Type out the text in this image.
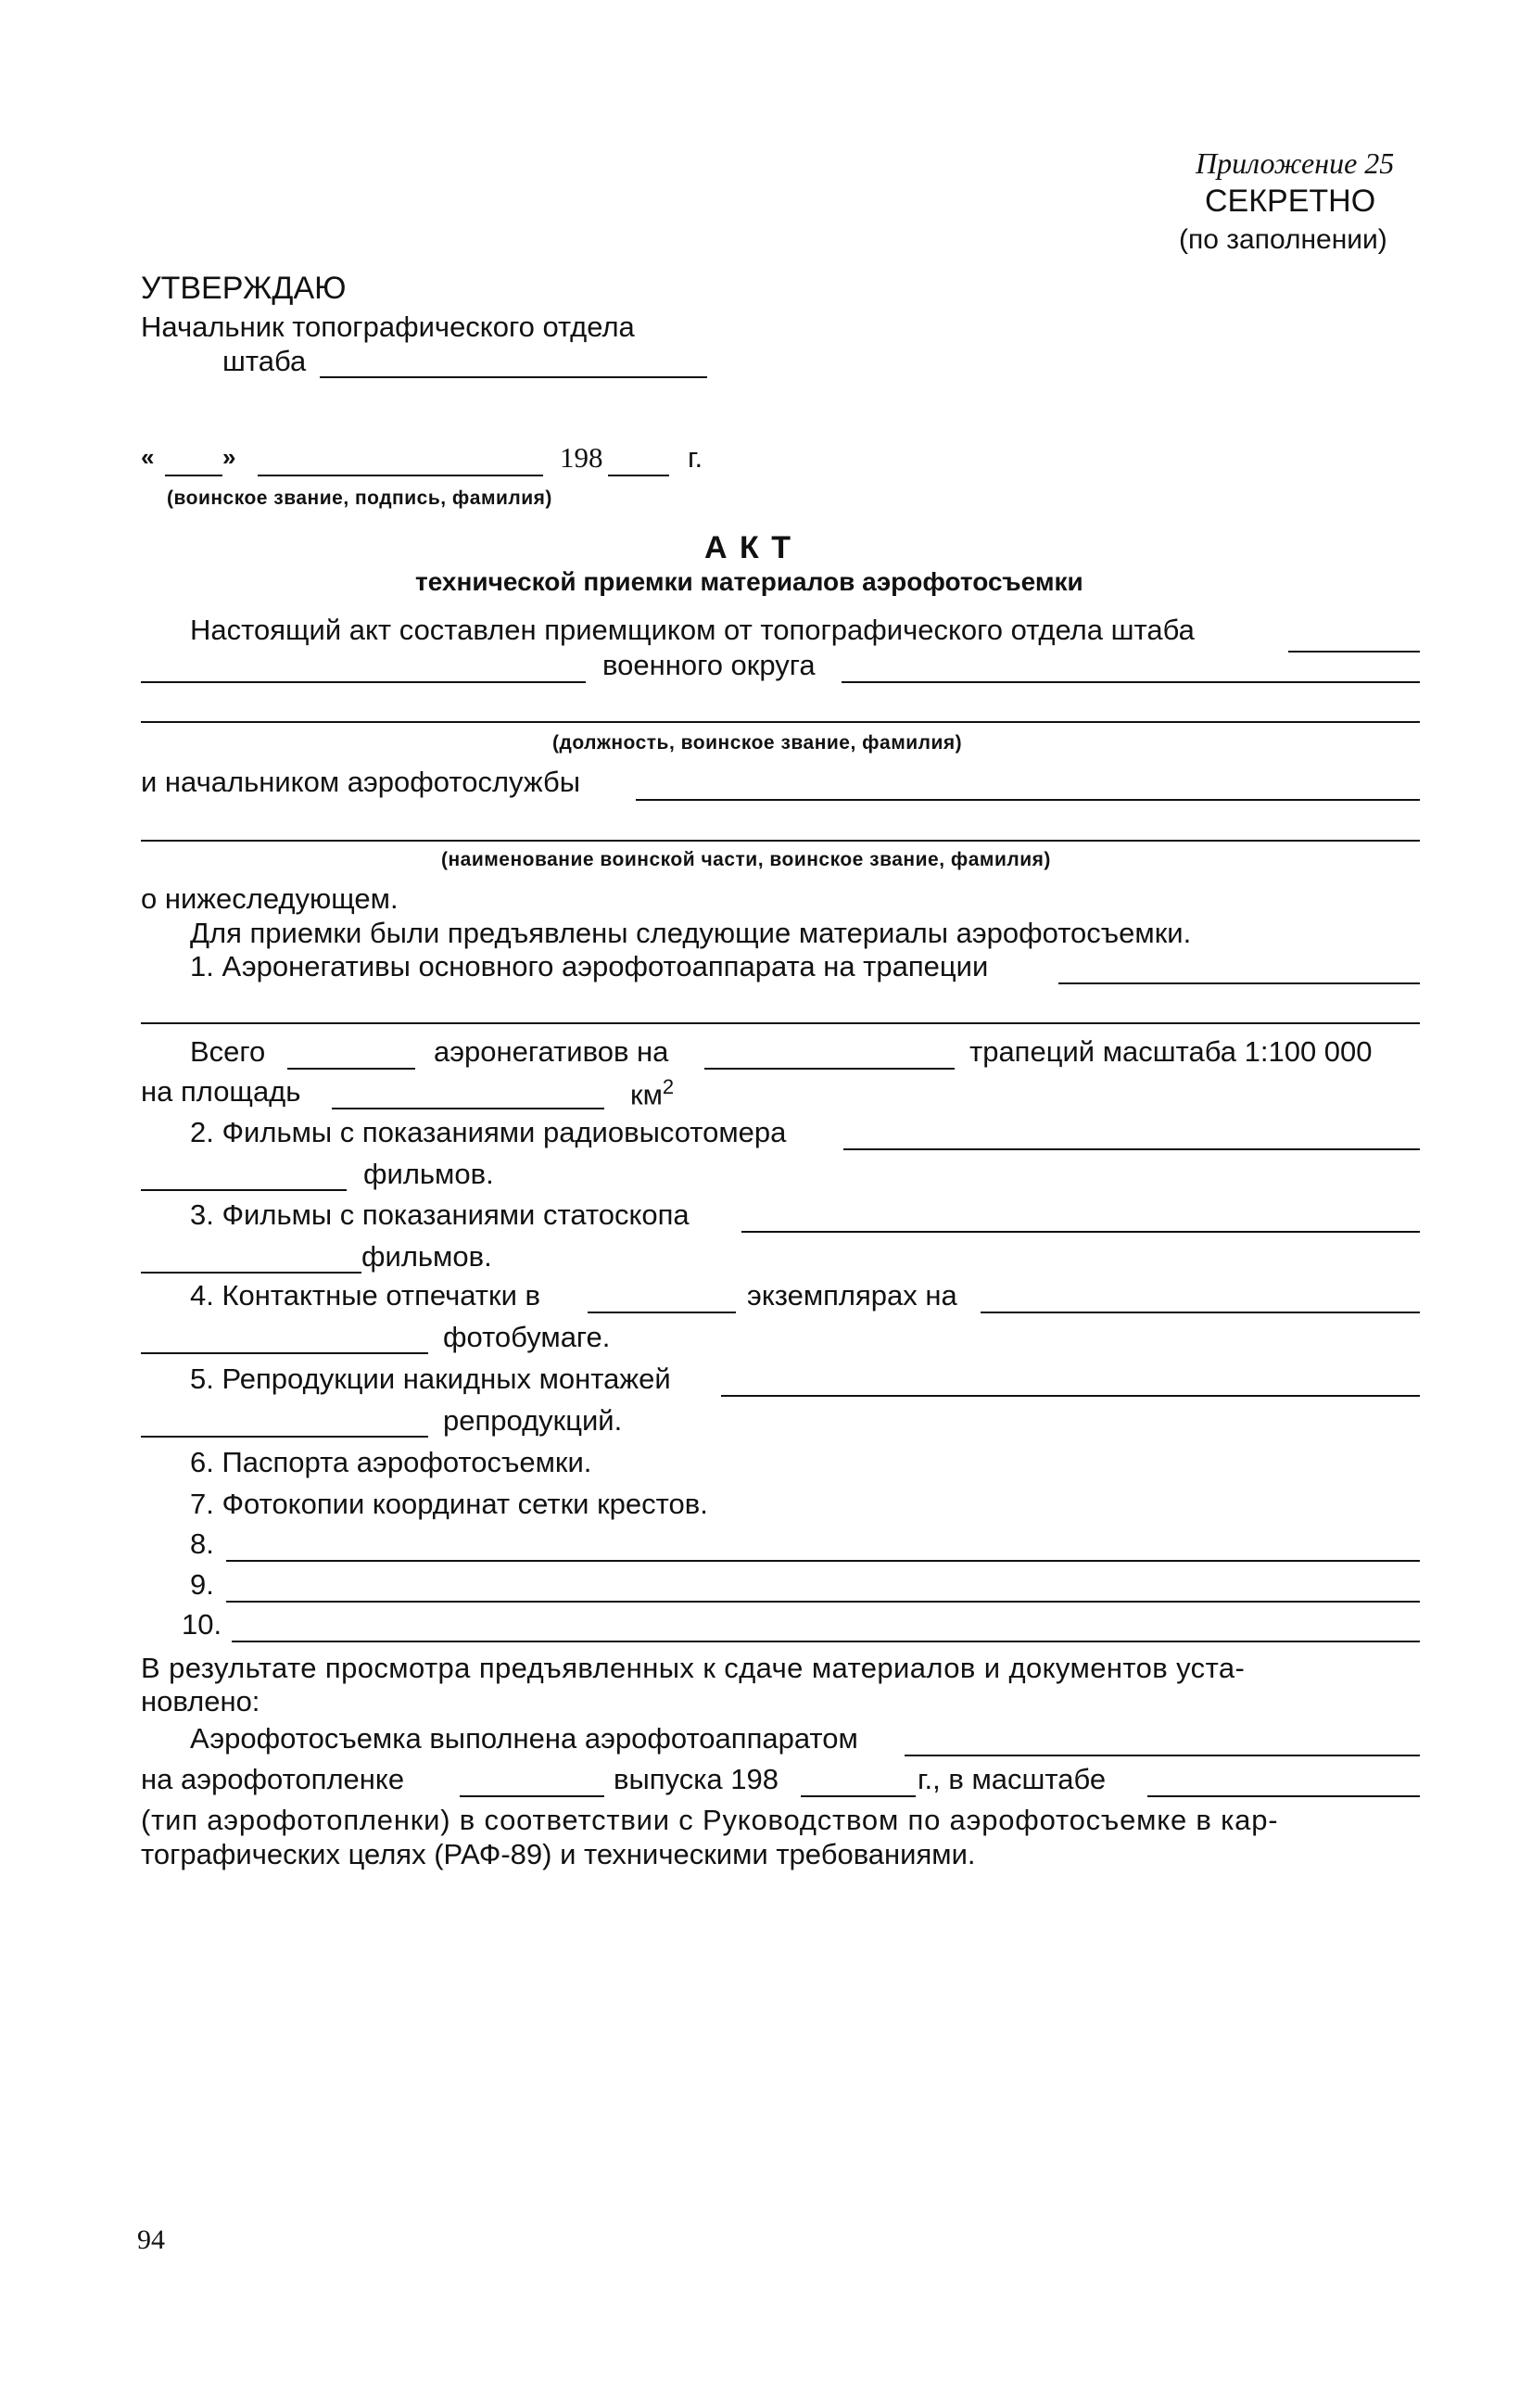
Приложение 25
СЕКРЕТНО
(по заполнении)
УТВЕРЖДАЮ
Начальник топографического отдела
штаба
«	»	198	г.
(воинское звание, подпись, фамилия)
А К Т
технической приемки материалов аэрофотосъемки
Настоящий акт составлен приемщиком от топографического отдела штаба
военного округа
(должность, воинское звание, фамилия)
и начальником аэрофотослужбы
(наименование воинской части, воинское звание, фамилия)
о нижеследующем.
Для приемки были предъявлены следующие материалы аэрофотосъемки.
1. Аэронегативы основного аэрофотоаппарата на трапеции
Всего	аэронегативов на	трапеций масштаба 1:100 000
на площадь	$км^2$
2. Фильмы с показаниями радиовысотомера
фильмов.
3. Фильмы с показаниями статоскопа
фильмов.
4. Контактные отпечатки в	экземплярах на
фотобумаге.
5. Репродукции накидных монтажей
репродукций.
6. Паспорта аэрофотосъемки.
7. Фотокопии координат сетки крестов.
8.
9.
10.
В результате просмотра предъявленных к сдаче материалов и документов уста-
новлено:
Аэрофотосъемка выполнена аэрофотоаппаратом
на аэрофотопленке	выпуска 198	г., в масштабе
(тип аэрофотопленки) в соответствии с Руководством по аэрофотосъемке в кар-
тографических целях (РАФ-89) и техническими требованиями.
94
